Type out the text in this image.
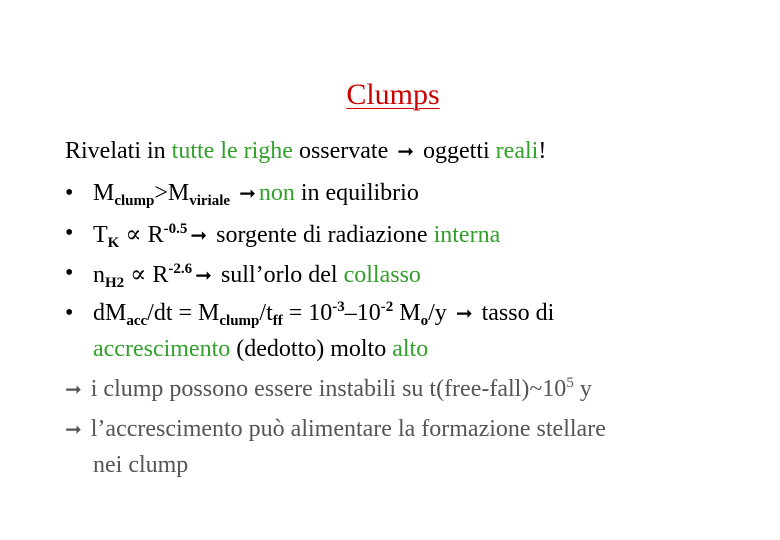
Clumps
Rivelati in tutte le righe osservate ➞ oggetti reali!
• $M_{clump}>M_{viriale}$ ➞ non in equilibrio
• $T_K \propto R^{-0.5}$ ➞ sorgente di radiazione interna
• $n_{H2} \propto R^{-2.6}$ ➞ sull’orlo del collasso
• $dM_{acc}/dt = M_{clump}/t_{ff} = 10^{-3}-10^{-2}$ $M_o/y$ ➞ tasso di
accrescimento (dedotto) molto alto
➞ i clump possono essere instabili su $t(free-fall)\sim 10^5$ y
➞ l’accrescimento può alimentare la formazione stellare
nei clump
